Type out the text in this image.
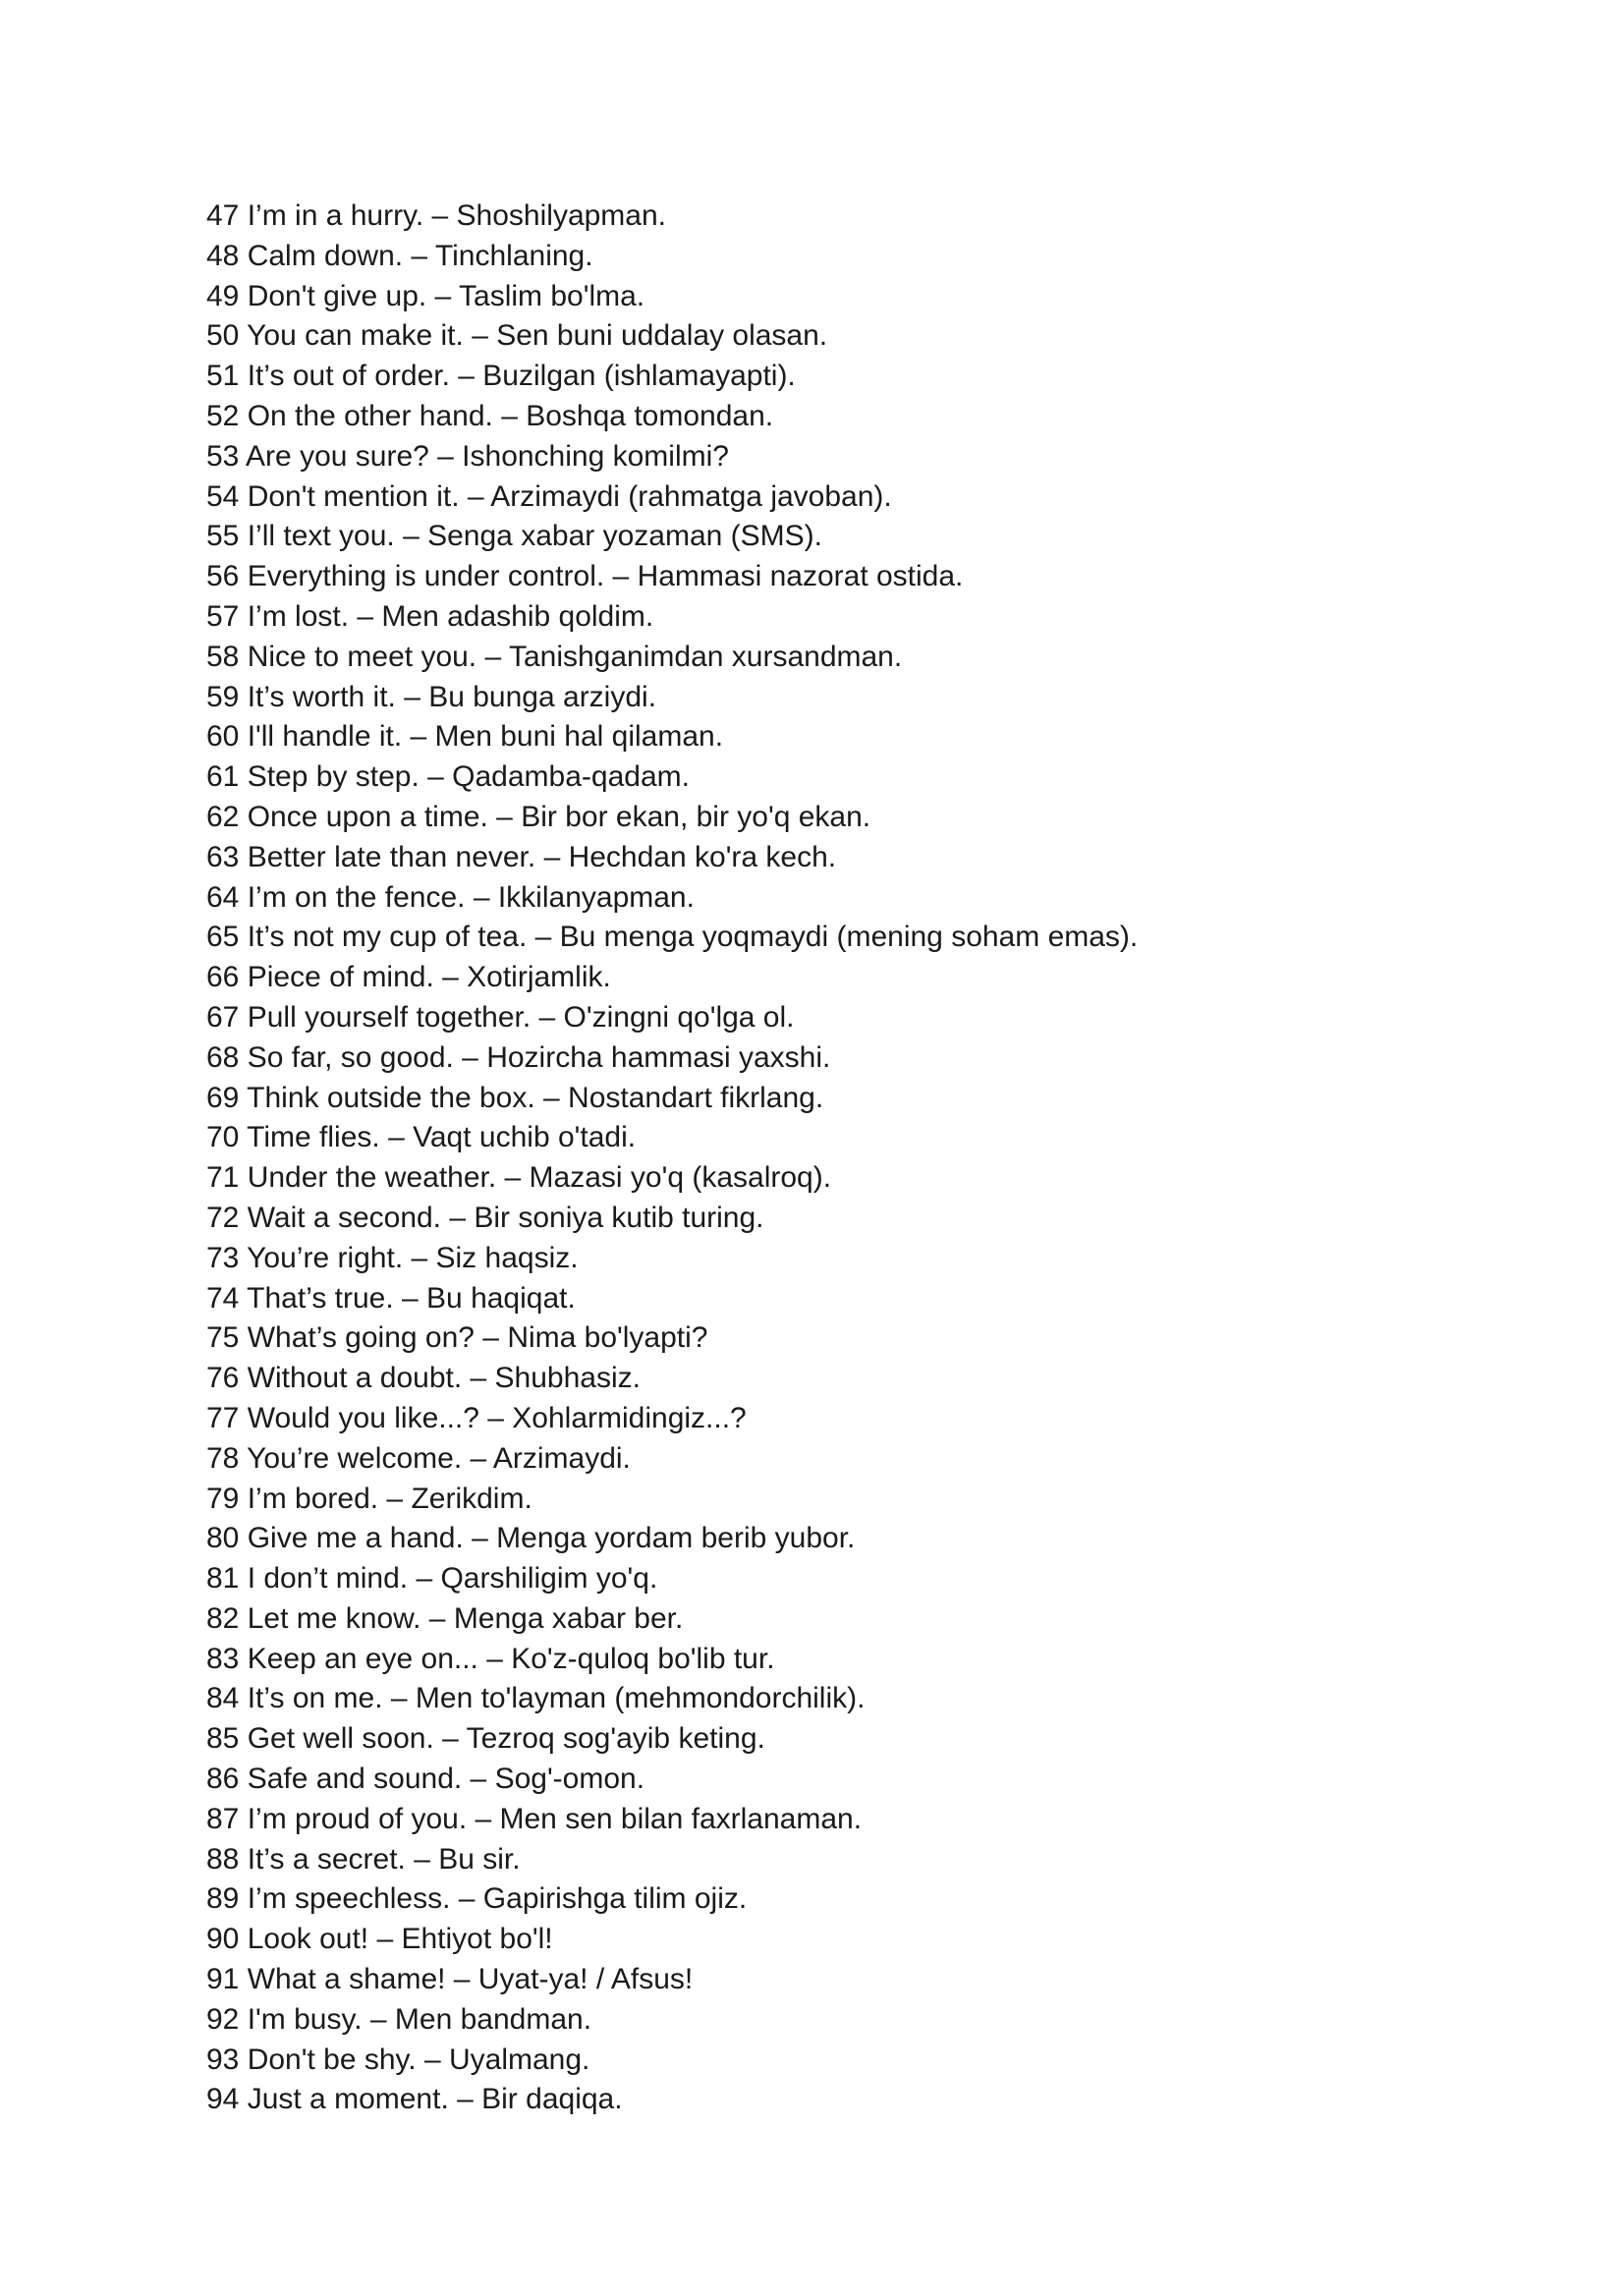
47 I’m in a hurry. – Shoshilyapman.
48 Calm down. – Tinchlaning.
49 Don't give up. – Taslim bo'lma.
50 You can make it. – Sen buni uddalay olasan.
51 It’s out of order. – Buzilgan (ishlamayapti).
52 On the other hand. – Boshqa tomondan.
53 Are you sure? – Ishonching komilmi?
54 Don't mention it. – Arzimaydi (rahmatga javoban).
55 I’ll text you. – Senga xabar yozaman (SMS).
56 Everything is under control. – Hammasi nazorat ostida.
57 I’m lost. – Men adashib qoldim.
58 Nice to meet you. – Tanishganimdan xursandman.
59 It’s worth it. – Bu bunga arziydi.
60 I'll handle it. – Men buni hal qilaman.
61 Step by step. – Qadamba-qadam.
62 Once upon a time. – Bir bor ekan, bir yo'q ekan.
63 Better late than never. – Hechdan ko'ra kech.
64 I’m on the fence. – Ikkilanyapman.
65 It’s not my cup of tea. – Bu menga yoqmaydi (mening soham emas).
66 Piece of mind. – Xotirjamlik.
67 Pull yourself together. – O'zingni qo'lga ol.
68 So far, so good. – Hozircha hammasi yaxshi.
69 Think outside the box. – Nostandart fikrlang.
70 Time flies. – Vaqt uchib o'tadi.
71 Under the weather. – Mazasi yo'q (kasalroq).
72 Wait a second. – Bir soniya kutib turing.
73 You’re right. – Siz haqsiz.
74 That’s true. – Bu haqiqat.
75 What’s going on? – Nima bo'lyapti?
76 Without a doubt. – Shubhasiz.
77 Would you like...? – Xohlarmidingiz...?
78 You’re welcome. – Arzimaydi.
79 I’m bored. – Zerikdim.
80 Give me a hand. – Menga yordam berib yubor.
81 I don’t mind. – Qarshiligim yo'q.
82 Let me know. – Menga xabar ber.
83 Keep an eye on... – Ko'z-quloq bo'lib tur.
84 It’s on me. – Men to'layman (mehmondorchilik).
85 Get well soon. – Tezroq sog'ayib keting.
86 Safe and sound. – Sog'-omon.
87 I’m proud of you. – Men sen bilan faxrlanaman.
88 It’s a secret. – Bu sir.
89 I’m speechless. – Gapirishga tilim ojiz.
90 Look out! – Ehtiyot bo'l!
91 What a shame! – Uyat-ya! / Afsus!
92 I'm busy. – Men bandman.
93 Don't be shy. – Uyalmang.
94 Just a moment. – Bir daqiqa.
